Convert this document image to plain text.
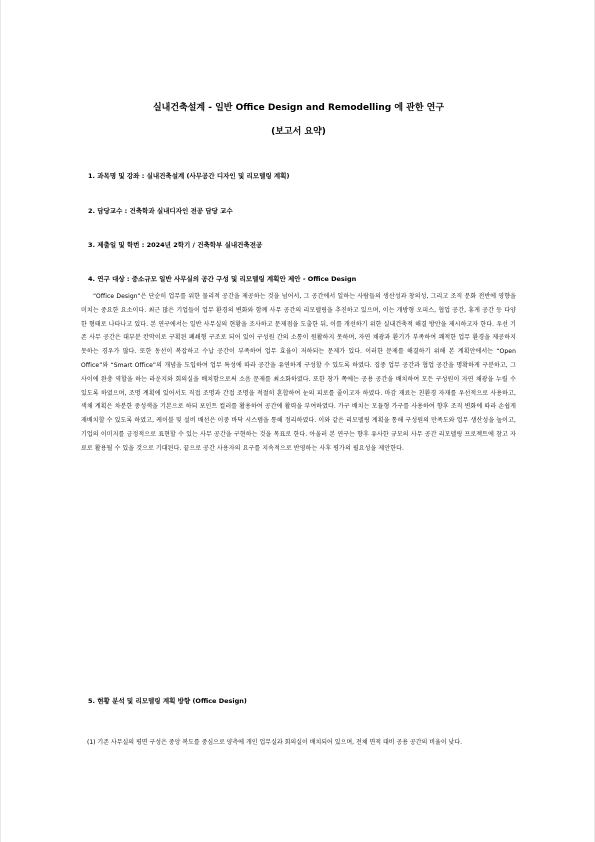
실내건축설계 - 일반 Office Design and Remodelling 에 관한 연구
(보고서 요약)
1. 과목명 및 강좌 : 실내건축설계 (사무공간 디자인 및 리모델링 계획)
2. 담당교수 : 건축학과 실내디자인 전공 담당 교수
3. 제출일 및 학번 : 2024년 2학기 / 건축학부 실내건축전공
4. 연구 대상 : 중소규모 일반 사무실의 공간 구성 및 리모델링 계획안 제안 - Office Design
“Office Design”은 단순히 업무를 위한 물리적 공간을 제공하는 것을 넘어서, 그 공간에서 일하는 사람들의 생산성과 창의성, 그리고 조직 문화 전반에 영향을 미치는 중요한 요소이다. 최근 많은 기업들이 업무 환경의 변화와 함께 사무 공간의 리모델링을 추진하고 있으며, 이는 개방형 오피스, 협업 공간, 휴게 공간 등 다양한 형태로 나타나고 있다. 본 연구에서는 일반 사무실의 현황을 조사하고 문제점을 도출한 뒤, 이를 개선하기 위한 실내건축적 해결 방안을 제시하고자 한다. 우선 기존 사무 공간은 대부분 칸막이로 구획된 폐쇄형 구조로 되어 있어 구성원 간의 소통이 원활하지 못하며, 자연 채광과 환기가 부족하여 쾌적한 업무 환경을 제공하지 못하는 경우가 많다. 또한 동선이 복잡하고 수납 공간이 부족하여 업무 효율이 저하되는 문제가 있다. 이러한 문제를 해결하기 위해 본 계획안에서는 “Open Office”와 “Smart Office”의 개념을 도입하여 업무 특성에 따라 공간을 유연하게 구성할 수 있도록 하였다. 집중 업무 공간과 협업 공간을 명확하게 구분하고, 그 사이에 완충 역할을 하는 라운지와 회의실을 배치함으로써 소음 문제를 최소화하였다. 또한 창가 쪽에는 공용 공간을 배치하여 모든 구성원이 자연 채광을 누릴 수 있도록 하였으며, 조명 계획에 있어서도 직접 조명과 간접 조명을 적절히 혼합하여 눈의 피로를 줄이고자 하였다. 마감 재료는 친환경 자재를 우선적으로 사용하고, 색채 계획은 차분한 중성색을 기본으로 하되 포인트 컬러를 활용하여 공간에 활력을 부여하였다. 가구 배치는 모듈형 가구를 사용하여 향후 조직 변화에 따라 손쉽게 재배치할 수 있도록 하였고, 케이블 및 설비 배선은 이중 바닥 시스템을 통해 정리하였다. 이와 같은 리모델링 계획을 통해 구성원의 만족도와 업무 생산성을 높이고, 기업의 이미지를 긍정적으로 표현할 수 있는 사무 공간을 구현하는 것을 목표로 한다. 아울러 본 연구는 향후 유사한 규모의 사무 공간 리모델링 프로젝트에 참고 자료로 활용될 수 있을 것으로 기대된다. 끝으로 공간 사용자의 요구를 지속적으로 반영하는 사후 평가의 필요성을 제안한다.
5. 현황 분석 및 리모델링 계획 방향 (Office Design)
(1) 기존 사무실의 평면 구성은 중앙 복도를 중심으로 양측에 개인 업무실과 회의실이 배치되어 있으며, 전체 면적 대비 공용 공간의 비율이 낮다.
